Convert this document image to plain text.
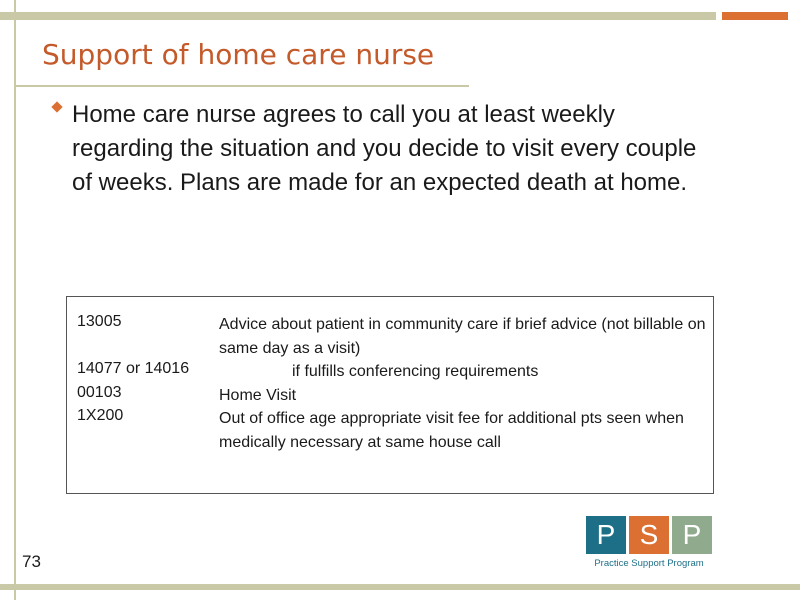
Support of home care nurse
Home care nurse agrees to call you at least weekly regarding the situation and you decide to visit every couple of weeks. Plans are made for an expected death at home.
13005	Advice about patient in community care if brief advice (not billable on same day as a visit)
14077 or 14016	if fulfills conferencing requirements
00103	Home Visit
1X200	Out of office age appropriate visit fee for additional pts seen when medically necessary at same house call
73
P S P
Practice Support Program
